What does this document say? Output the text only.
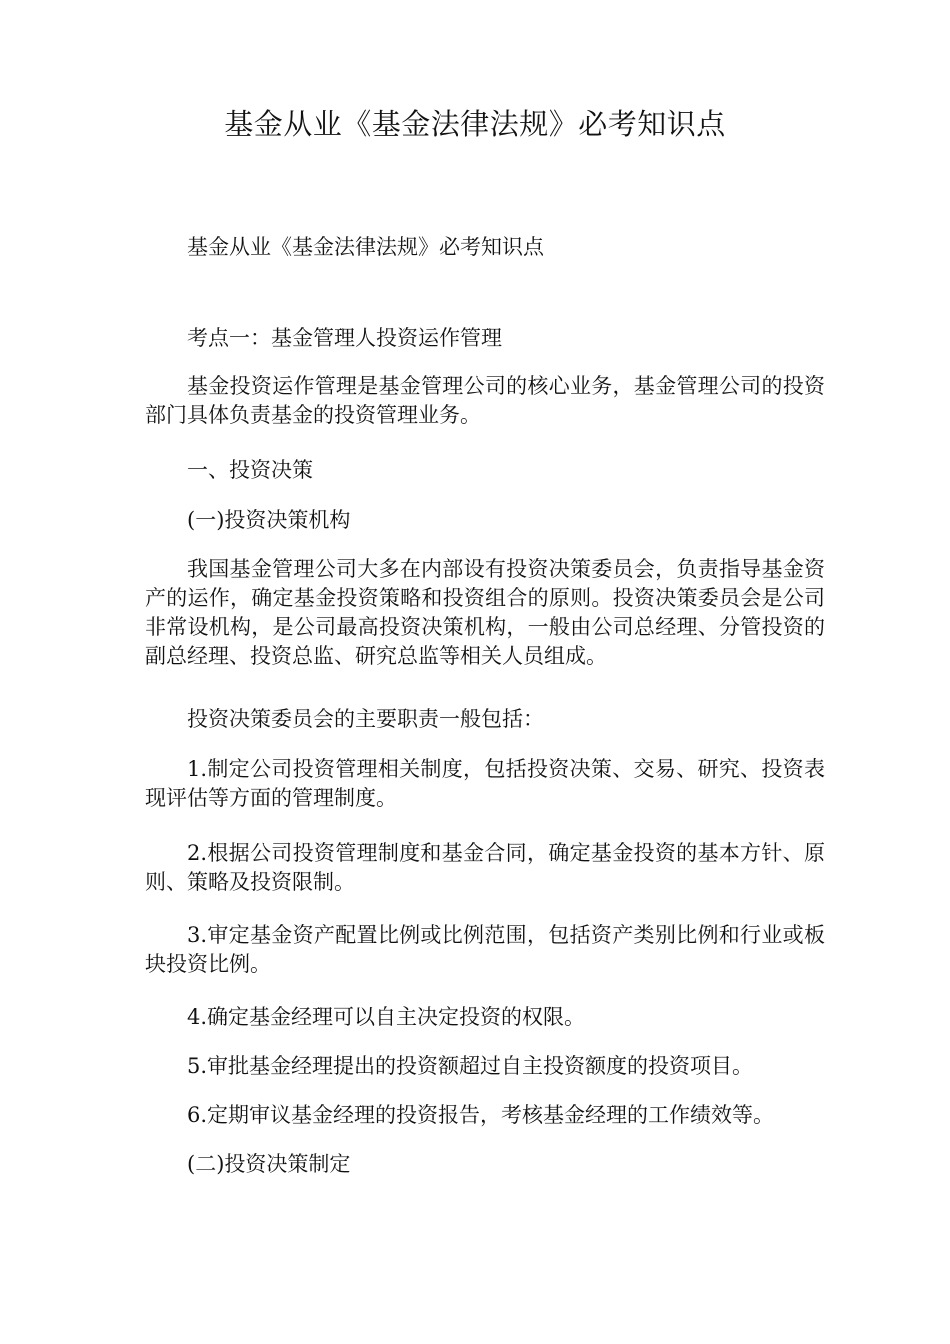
基金从业《基金法律法规》必考知识点

基金从业《基金法律法规》必考知识点

考点一：基金管理人投资运作管理

基金投资运作管理是基金管理公司的核心业务，基金管理公司的投资部门具体负责基金的投资管理业务。

一、投资决策

(一)投资决策机构

我国基金管理公司大多在内部设有投资决策委员会，负责指导基金资产的运作，确定基金投资策略和投资组合的原则。投资决策委员会是公司非常设机构，是公司最高投资决策机构，一般由公司总经理、分管投资的副总经理、投资总监、研究总监等相关人员组成。

投资决策委员会的主要职责一般包括：

1.制定公司投资管理相关制度，包括投资决策、交易、研究、投资表现评估等方面的管理制度。

2.根据公司投资管理制度和基金合同，确定基金投资的基本方针、原则、策略及投资限制。

3.审定基金资产配置比例或比例范围，包括资产类别比例和行业或板块投资比例。

4.确定基金经理可以自主决定投资的权限。

5.审批基金经理提出的投资额超过自主投资额度的投资项目。

6.定期审议基金经理的投资报告，考核基金经理的工作绩效等。

(二)投资决策制定
